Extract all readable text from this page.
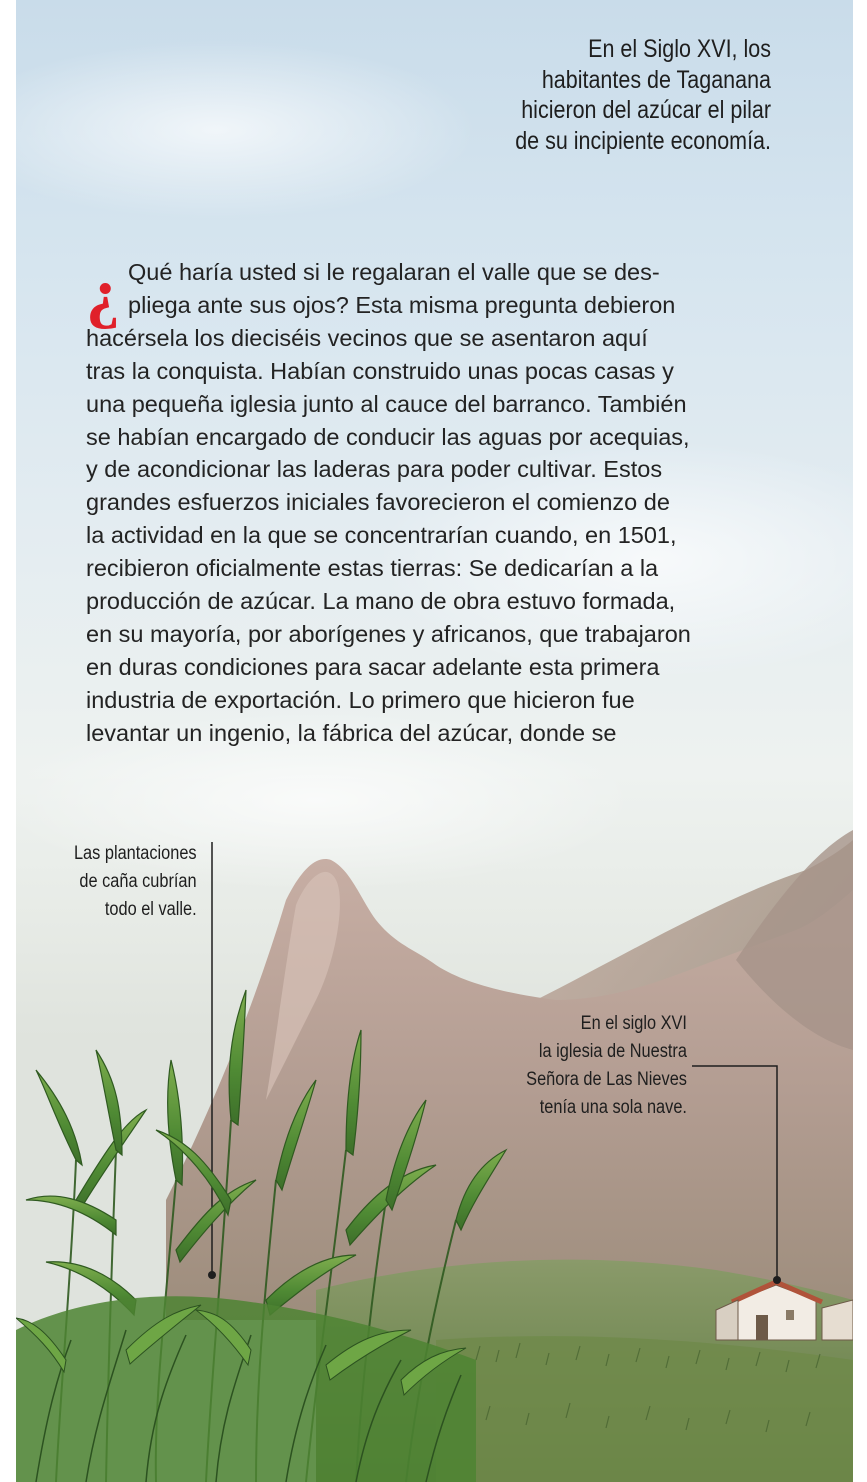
En el Siglo XVI, los
habitantes de Taganana
hicieron del azúcar el pilar
de su incipiente economía.
¿ Qué haría usted si le regalaran el valle que se des-
pliega ante sus ojos? Esta misma pregunta debieron
hacérsela los dieciséis vecinos que se asentaron aquí
tras la conquista. Habían construido unas pocas casas y
una pequeña iglesia junto al cauce del barranco. También
se habían encargado de conducir las aguas por acequias,
y de acondicionar las laderas para poder cultivar. Estos
grandes esfuerzos iniciales favorecieron el comienzo de
la actividad en la que se concentrarían cuando, en 1501,
recibieron oficialmente estas tierras: Se dedicarían a la
producción de azúcar. La mano de obra estuvo formada,
en su mayoría, por aborígenes y africanos, que trabajaron
en duras condiciones para sacar adelante esta primera
industria de exportación. Lo primero que hicieron fue
levantar un ingenio, la fábrica del azúcar, donde se
Las plantaciones
de caña cubrían
todo el valle.
En el siglo XVI
la iglesia de Nuestra
Señora de Las Nieves
tenía una sola nave.
